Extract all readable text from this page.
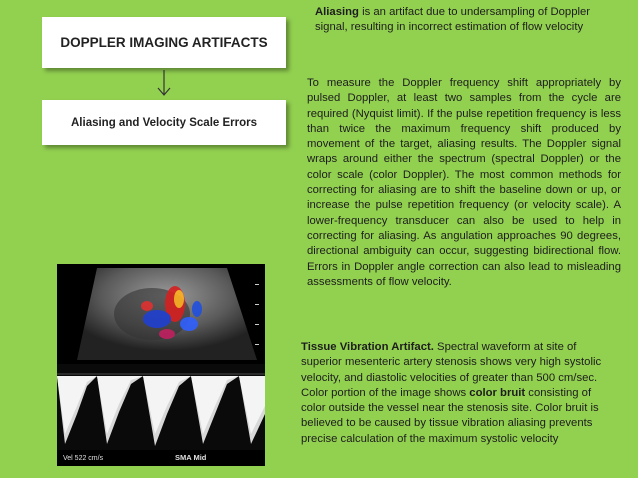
DOPPLER IMAGING ARTIFACTS
Aliasing and Velocity Scale Errors
Aliasing is an artifact due to undersampling of Doppler signal, resulting in incorrect estimation of flow velocity
To measure the Doppler frequency shift appropriately by pulsed Doppler, at least two samples from the cycle are required (Nyquist limit). If the pulse repetition frequency is less than twice the maximum frequency shift produced by movement of the target, aliasing results. The Doppler signal wraps around either the spectrum (spectral Doppler) or the color scale (color Doppler). The most common methods for correcting for aliasing are to shift the baseline down or up, or increase the pulse repetition frequency (or velocity scale). A lower-frequency transducer can also be used to help in correcting for aliasing. As angulation approaches 90 degrees, directional ambiguity can occur, suggesting bidirectional flow. Errors in Doppler angle correction can also lead to misleading assessments of flow velocity.
Vel 522 cm/s	SMA Mid
Tissue Vibration Artifact. Spectral waveform at site of superior mesenteric artery stenosis shows very high systolic velocity, and diastolic velocities of greater than 500 cm/sec. Color portion of the image shows color bruit consisting of color outside the vessel near the stenosis site. Color bruit is believed to be caused by tissue vibration aliasing prevents precise calculation of the maximum systolic velocity
